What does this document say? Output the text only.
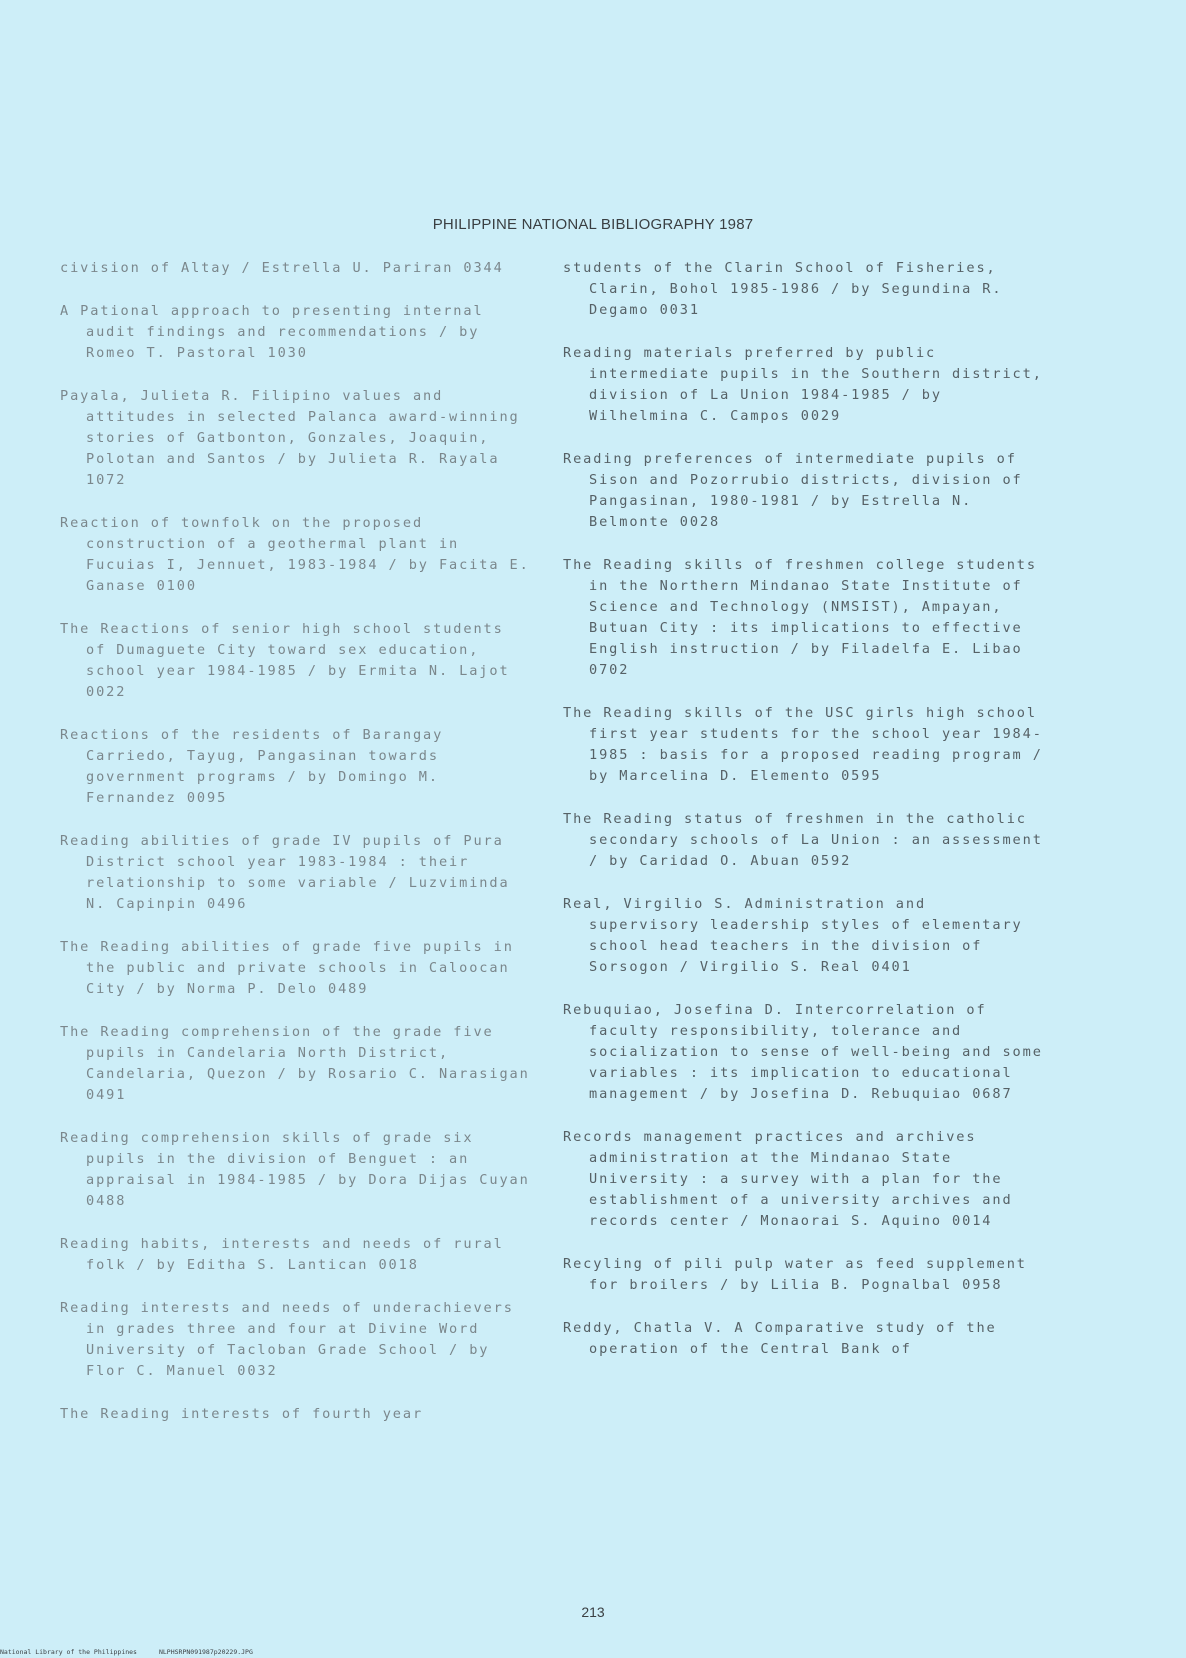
PHILIPPINE NATIONAL BIBLIOGRAPHY 1987
civision of Altay / Estrella U. Pariran 0344
A Pational approach to presenting internal audit findings and recommendations / by Romeo T. Pastoral 1030
Payala, Julieta R. Filipino values and attitudes in selected Palanca award-winning stories of Gatbonton, Gonzales, Joaquin, Polotan and Santos / by Julieta R. Rayala 1072
Reaction of townfolk on the proposed construction of a geothermal plant in Fucuias I, Jennuet, 1983-1984 / by Facita E. Ganase 0100
The Reactions of senior high school students of Dumaguete City toward sex education, school year 1984-1985 / by Ermita N. Lajot 0022
Reactions of the residents of Barangay Carriedo, Tayug, Pangasinan towards government programs / by Domingo M. Fernandez 0095
Reading abilities of grade IV pupils of Pura District school year 1983-1984 : their relationship to some variable / Luzviminda N. Capinpin 0496
The Reading abilities of grade five pupils in the public and private schools in Caloocan City / by Norma P. Delo 0489
The Reading comprehension of the grade five pupils in Candelaria North District, Candelaria, Quezon / by Rosario C. Narasigan 0491
Reading comprehension skills of grade six pupils in the division of Benguet : an appraisal in 1984-1985 / by Dora Dijas Cuyan 0488
Reading habits, interests and needs of rural folk / by Editha S. Lantican 0018
Reading interests and needs of underachievers in grades three and four at Divine Word University of Tacloban Grade School / by Flor C. Manuel 0032
The Reading interests of fourth year
students of the Clarin School of Fisheries, Clarin, Bohol 1985-1986 / by Segundina R. Degamo 0031
Reading materials preferred by public intermediate pupils in the Southern district, division of La Union 1984-1985 / by Wilhelmina C. Campos 0029
Reading preferences of intermediate pupils of Sison and Pozorrubio districts, division of Pangasinan, 1980-1981 / by Estrella N. Belmonte 0028
The Reading skills of freshmen college students in the Northern Mindanao State Institute of Science and Technology (NMSIST), Ampayan, Butuan City : its implications to effective English instruction / by Filadelfa E. Libao 0702
The Reading skills of the USC girls high school first year students for the school year 1984-1985 : basis for a proposed reading program / by Marcelina D. Elemento 0595
The Reading status of freshmen in the catholic secondary schools of La Union : an assessment / by Caridad O. Abuan 0592
Real, Virgilio S. Administration and supervisory leadership styles of elementary school head teachers in the division of Sorsogon / Virgilio S. Real 0401
Rebuquiao, Josefina D. Intercorrelation of faculty responsibility, tolerance and socialization to sense of well-being and some variables : its implication to educational management / by Josefina D. Rebuquiao 0687
Records management practices and archives administration at the Mindanao State University : a survey with a plan for the establishment of a university archives and records center / Monaorai S. Aquino 0014
Recyling of pili pulp water as feed supplement for broilers / by Lilia B. Pognalbal 0958
Reddy, Chatla V. A Comparative study of the operation of the Central Bank of
213
National Library of the Philippines	NLPHSRPN091987p20229.JPG
